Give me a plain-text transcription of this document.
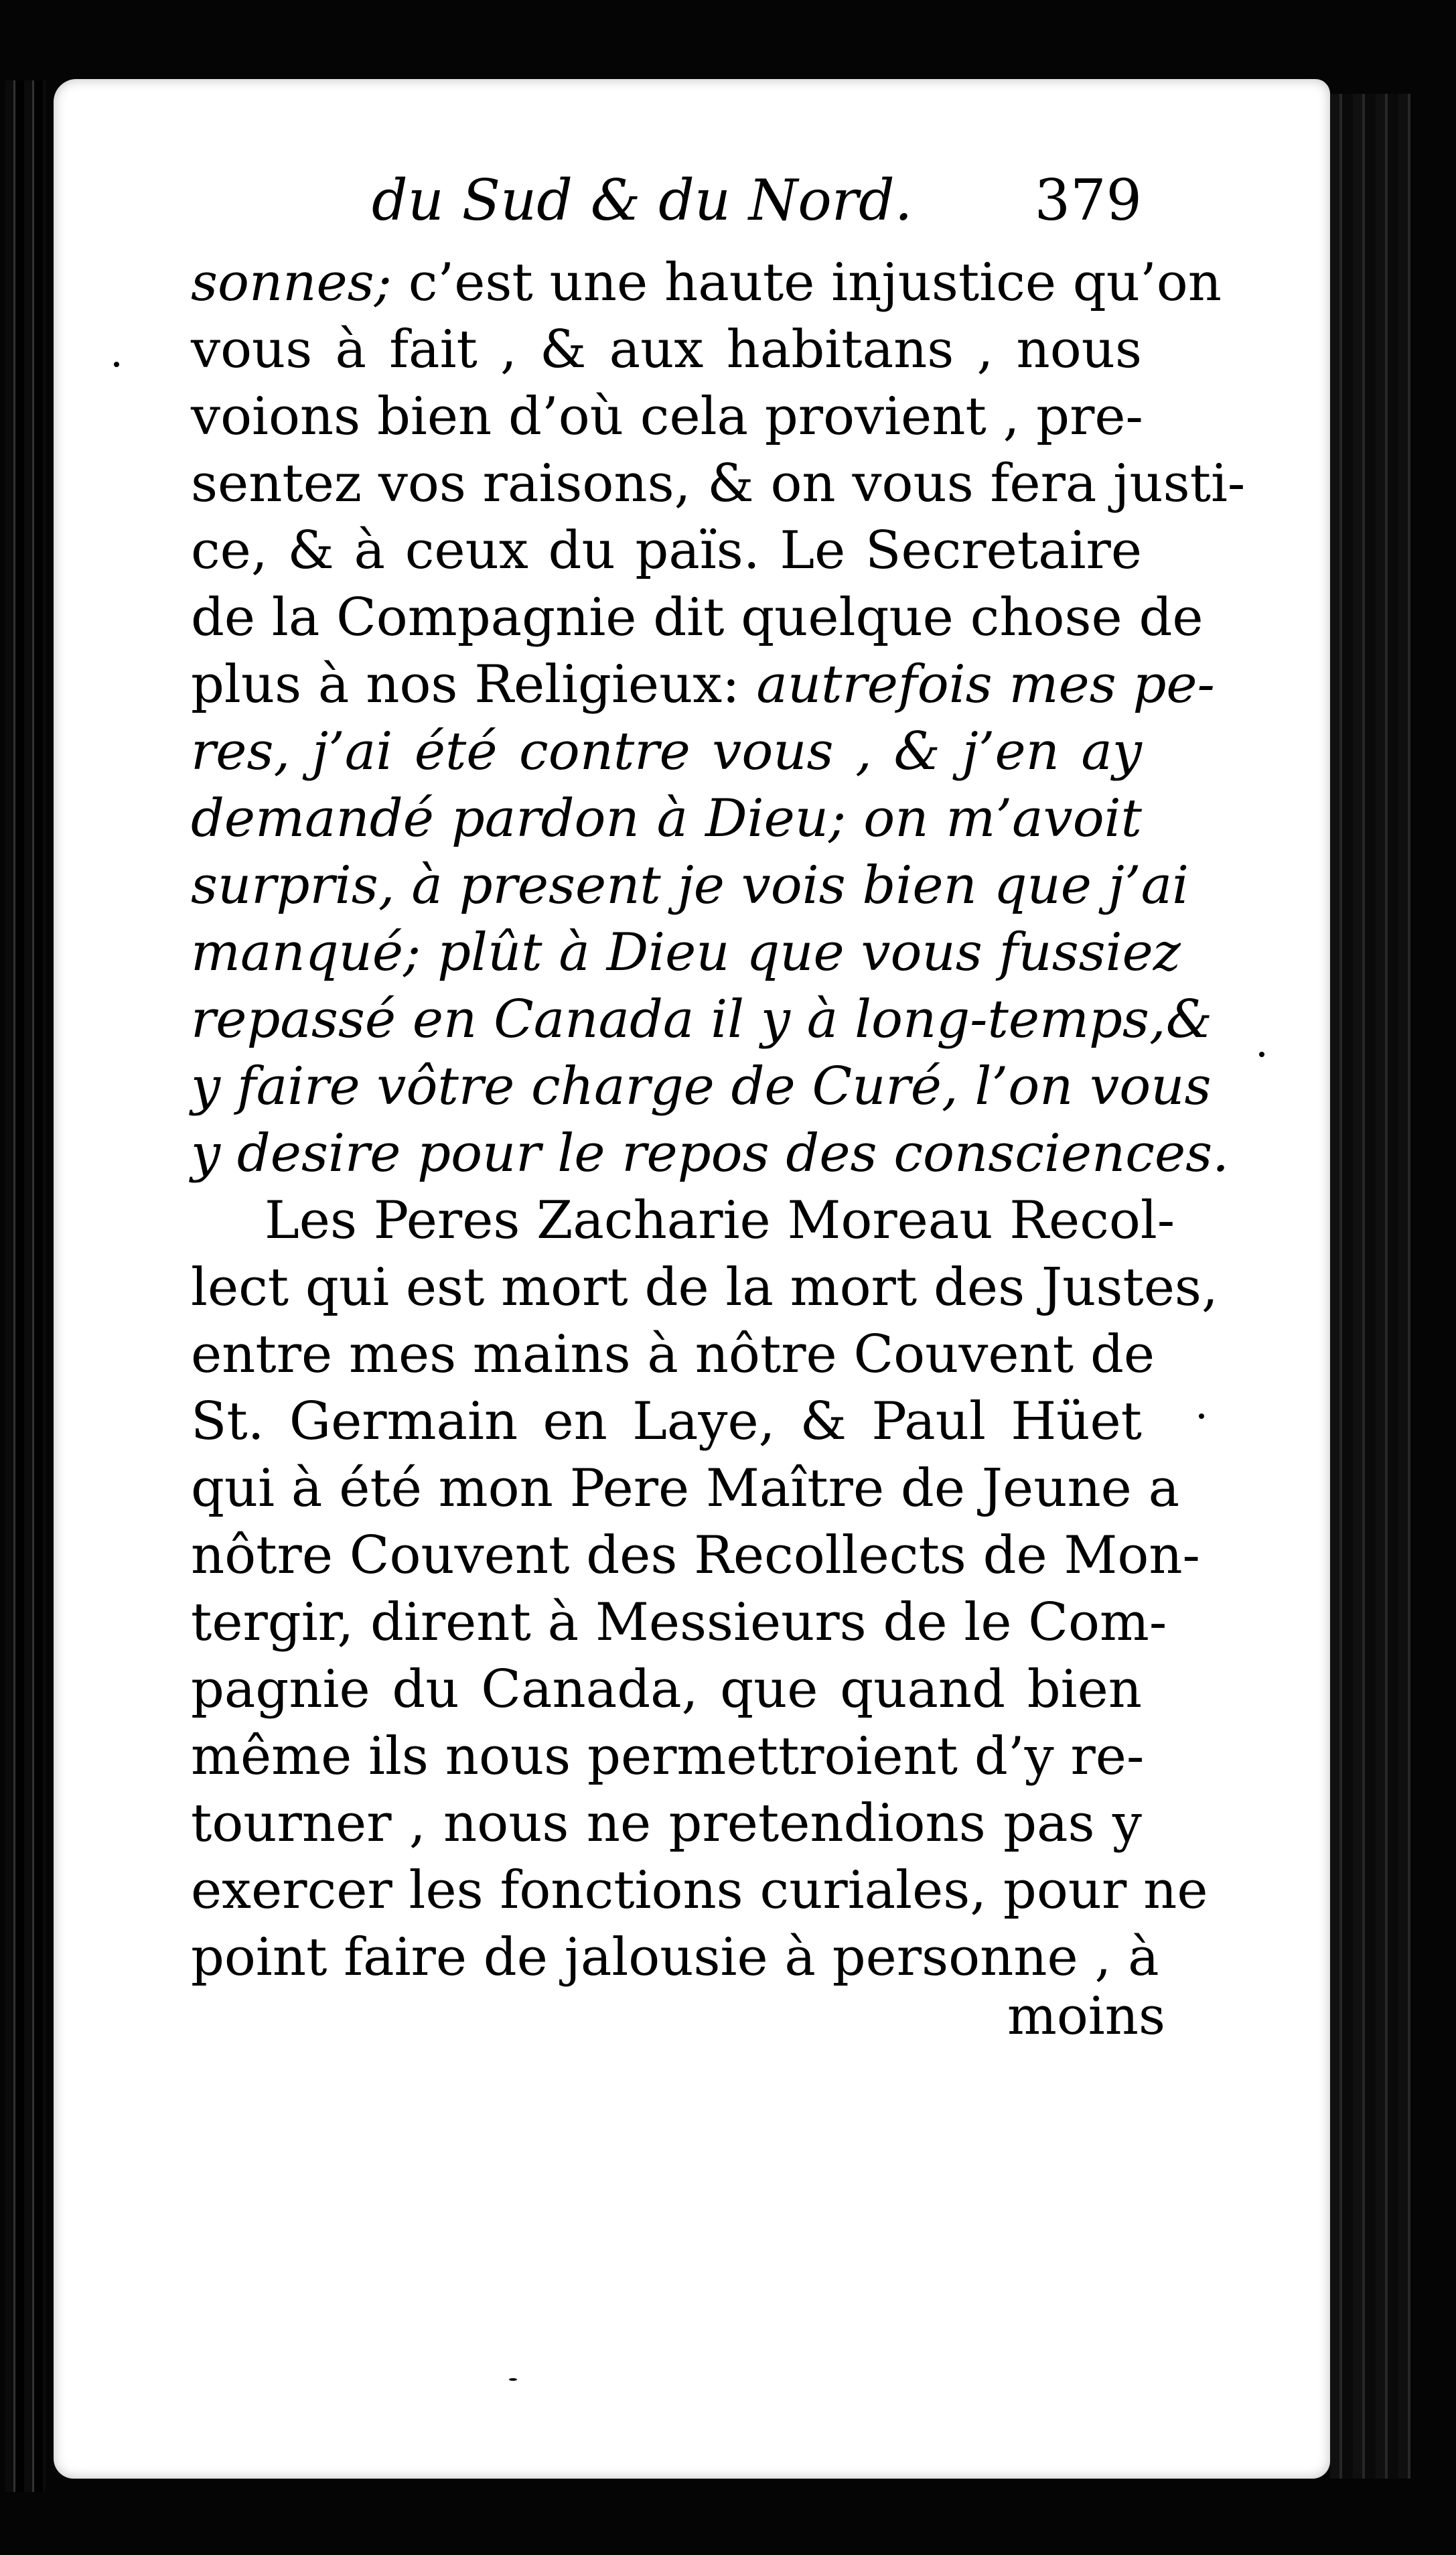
du Sud & du Nord. 379
sonnes; c’est une haute injustice qu’on
vous à fait , & aux habitans , nous
voions bien d’où cela provient , pre-
sentez vos raisons, & on vous fera justi-
ce, & à ceux du païs. Le Secretaire
de la Compagnie dit quelque chose de
plus à nos Religieux: autrefois mes pe-
res, j’ai été contre vous , & j’en ay
demandé pardon à Dieu; on m’avoit
surpris, à present je vois bien que j’ai
manqué; plût à Dieu que vous fussiez
repassé en Canada il y à long-temps,&
y faire vôtre charge de Curé, l’on vous
y desire pour le repos des consciences.
Les Peres Zacharie Moreau Recol-
lect qui est mort de la mort des Justes,
entre mes mains à nôtre Couvent de
St. Germain en Laye, & Paul Hüet
qui à été mon Pere Maître de Jeune a
nôtre Couvent des Recollects de Mon-
tergir, dirent à Messieurs de le Com-
pagnie du Canada, que quand bien
même ils nous permettroient d’y re-
tourner , nous ne pretendions pas y
exercer les fonctions curiales, pour ne
point faire de jalousie à personne , à
moins
